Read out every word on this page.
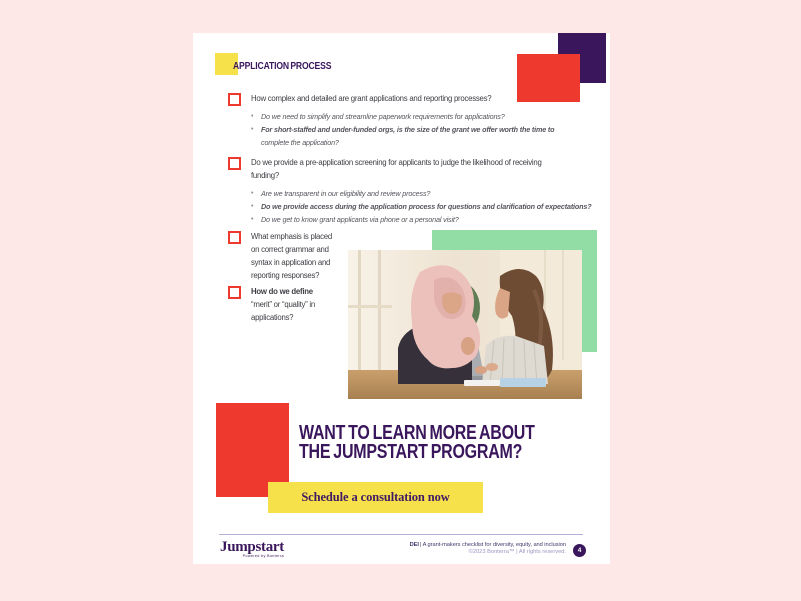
APPLICATION PROCESS
How complex and detailed are grant applications and reporting processes?
•
Do we need to simplify and streamline paperwork requirements for applications?
•
For short-staffed and under-funded orgs, is the size of the grant we offer worth the time to
complete the application?
Do we provide a pre-application screening for applicants to judge the likelihood of receiving
funding?
•
Are we transparent in our eligibility and review process?
•
Do we provide access during the application process for questions and clarification of expectations?
•
Do we get to know grant applicants via phone or a personal visit?
What emphasis is placed
on correct grammar and
syntax in application and
reporting responses?
How do we define
“merit” or “quality” in
applications?
WANT TO LEARN MORE ABOUT
THE JUMPSTART PROGRAM?
Schedule a consultation now
Jumpstart
Powered by Bonterra
DEI| A grant-makers checklist for diversity, equity, and inclusion
©2023 Bonterra™ | All rights reserved.	4
